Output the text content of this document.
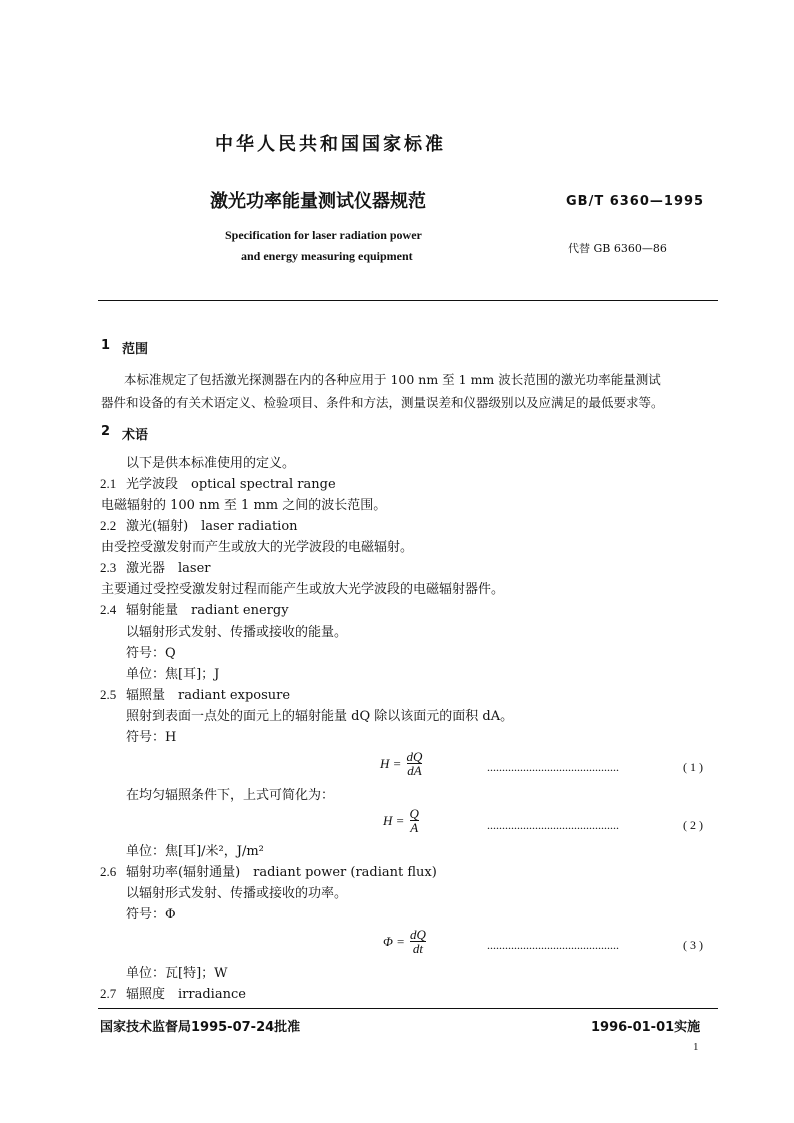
中华人民共和国国家标准
激光功率能量测试仪器规范	GB/T 6360—1995
Specification for laser radiation power
and energy measuring equipment
代替 GB 6360—86
1 范围
本标准规定了包括激光探测器在内的各种应用于 100 nm 至 1 mm 波长范围的激光功率能量测试
器件和设备的有关术语定义、检验项目、条件和方法，测量误差和仪器级别以及应满足的最低要求等。
2 术语
以下是供本标准使用的定义。
2.1 光学波段　optical spectral range
电磁辐射的 100 nm 至 1 mm 之间的波长范围。
2.2 激光(辐射)　laser radiation
由受控受激发射而产生或放大的光学波段的电磁辐射。
2.3 激光器　laser
主要通过受控受激发射过程而能产生或放大光学波段的电磁辐射器件。
2.4 辐射能量　radiant energy
以辐射形式发射、传播或接收的能量。
符号：Q
单位：焦[耳]；J
2.5 辐照量　radiant exposure
照射到表面一点处的面元上的辐射能量 dQ 除以该面元的面积 dA。
符号：H
$H = \frac{dQ}{dA}$	............................................	( 1 )
在均匀辐照条件下，上式可简化为：
$H = \frac{Q}{A}$	............................................	( 2 )
单位：焦[耳]/米²，J/m²
2.6 辐射功率(辐射通量)　radiant power (radiant flux)
以辐射形式发射、传播或接收的功率。
符号：Φ
$\Phi = \frac{dQ}{dt}$	............................................	( 3 )
单位：瓦[特]；W
2.7 辐照度　irradiance
国家技术监督局1995-07-24批准	1996-01-01实施
1
